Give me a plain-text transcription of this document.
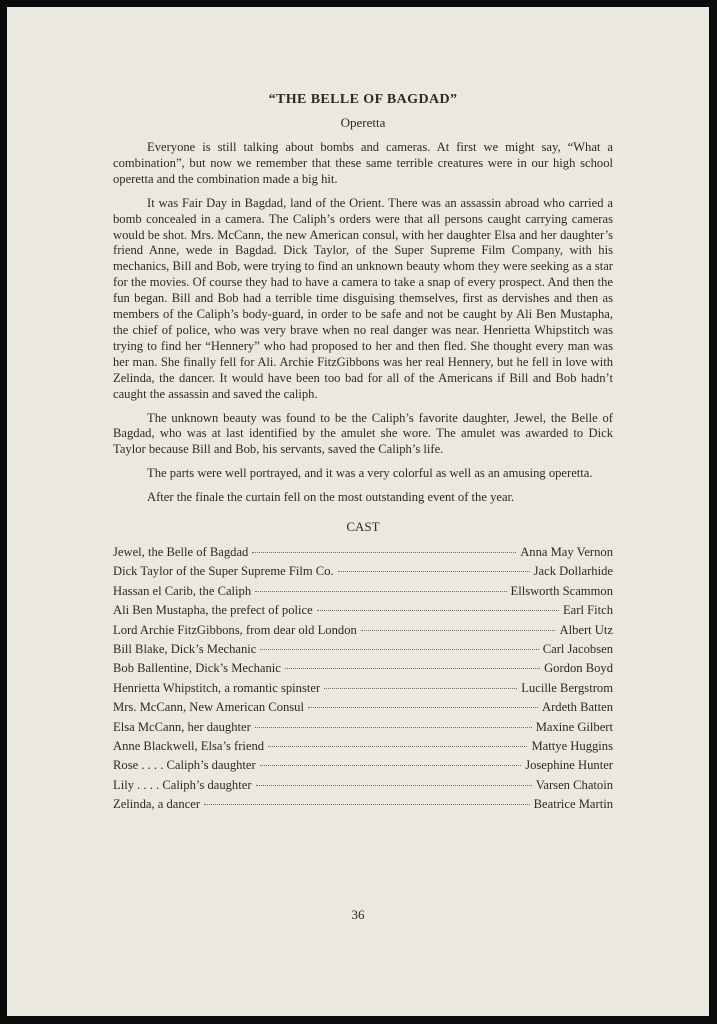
“THE BELLE OF BAGDAD”
Operetta

Everyone is still talking about bombs and cameras. At first we might say, “What a combination”, but now we remember that these same terrible creatures were in our high school operetta and the combination made a big hit.

It was Fair Day in Bagdad, land of the Orient. There was an assassin abroad who carried a bomb concealed in a camera. The Caliph’s orders were that all persons caught carrying cameras would be shot. Mrs. McCann, the new American consul, with her daughter Elsa and her daughter’s friend Anne, wede in Bagdad. Dick Taylor, of the Super Supreme Film Company, with his mechanics, Bill and Bob, were trying to find an unknown beauty whom they were seeking as a star for the movies. Of course they had to have a camera to take a snap of every prospect. And then the fun began. Bill and Bob had a terrible time disguising themselves, first as dervishes and then as members of the Caliph’s body-guard, in order to be safe and not be caught by Ali Ben Mustapha, the chief of police, who was very brave when no real danger was near. Henrietta Whipstitch was trying to find her “Hennery” who had proposed to her and then fled. She thought every man was her man. She finally fell for Ali. Archie FitzGibbons was her real Hennery, but he fell in love with Zelinda, the dancer. It would have been too bad for all of the Americans if Bill and Bob hadn’t caught the assassin and saved the caliph.

The unknown beauty was found to be the Caliph’s favorite daughter, Jewel, the Belle of Bagdad, who was at last identified by the amulet she wore. The amulet was awarded to Dick Taylor because Bill and Bob, his servants, saved the Caliph’s life.

The parts were well portrayed, and it was a very colorful as well as an amusing operetta.

After the finale the curtain fell on the most outstanding event of the year.

CAST
Jewel, the Belle of Bagdad	Anna May Vernon
Dick Taylor of the Super Supreme Film Co.	Jack Dollarhide
Hassan el Carib, the Caliph	Ellsworth Scammon
Ali Ben Mustapha, the prefect of police	Earl Fitch
Lord Archie FitzGibbons, from dear old London	Albert Utz
Bill Blake, Dick’s Mechanic	Carl Jacobsen
Bob Ballentine, Dick’s Mechanic	Gordon Boyd
Henrietta Whipstitch, a romantic spinster	Lucille Bergstrom
Mrs. McCann, New American Consul	Ardeth Batten
Elsa McCann, her daughter	Maxine Gilbert
Anne Blackwell, Elsa’s friend	Mattye Huggins
Rose . . . . Caliph’s daughter	Josephine Hunter
Lily . . . . Caliph’s daughter	Varsen Chatoin
Zelinda, a dancer	Beatrice Martin
36
